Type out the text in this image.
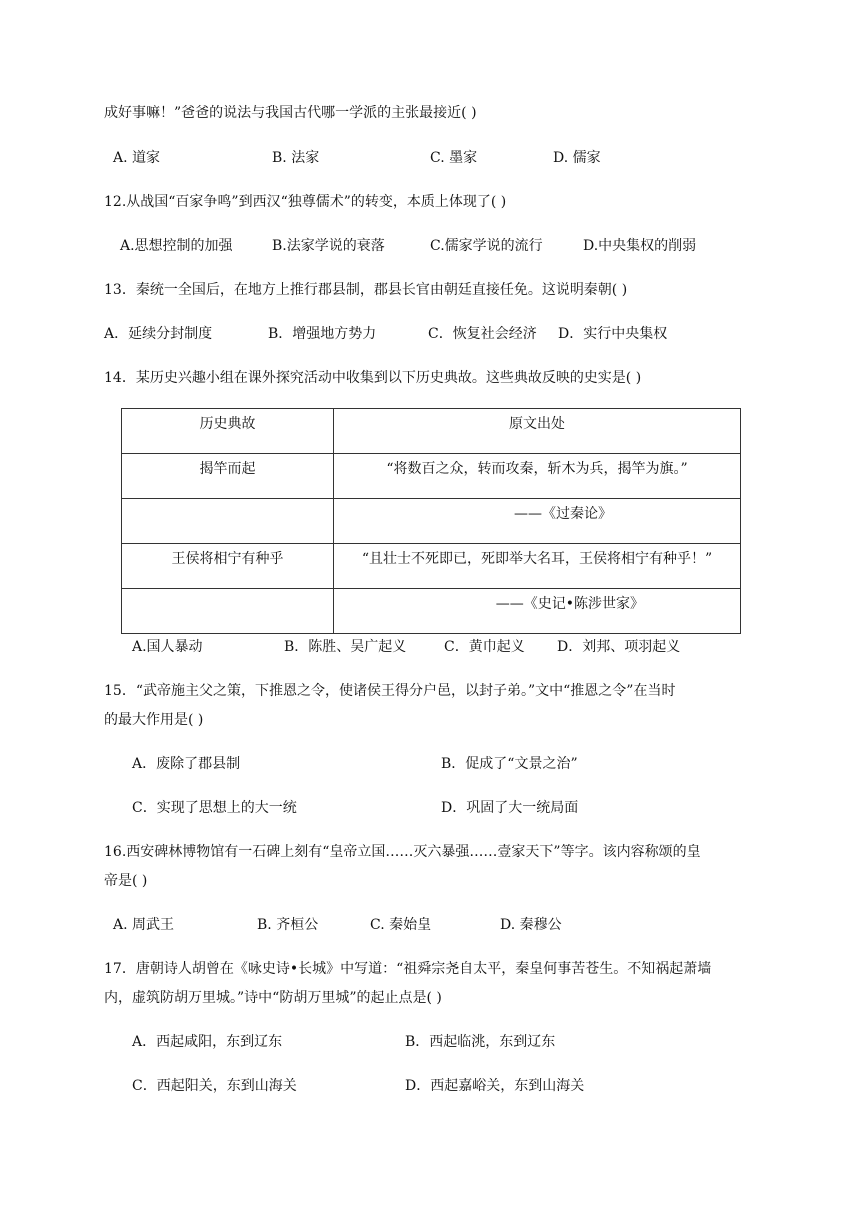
成好事嘛！”爸爸的说法与我国古代哪一学派的主张最接近( )
A. 道家	B. 法家	C. 墨家	D. 儒家
12.从战国“百家争鸣”到西汉“独尊儒术”的转变，本质上体现了( )
A.思想控制的加强	B.法家学说的衰落	C.儒家学说的流行	D.中央集权的削弱
13．秦统一全国后，在地方上推行郡县制，郡县长官由朝廷直接任免。这说明秦朝( )
A．延续分封制度	B．增强地方势力	C．恢复社会经济 D．实行中央集权
14．某历史兴趣小组在课外探究活动中收集到以下历史典故。这些典故反映的史实是( )
历史典故	原文出处

揭竿而起	“将数百之众，转而攻秦，斩木为兵，揭竿为旗。”

	——《过秦论》

王侯将相宁有种乎	“且壮士不死即已，死即举大名耳，王侯将相宁有种乎！”

	——《史记•陈涉世家》
A.国人暴动	B．陈胜、吴广起义	C．黄巾起义 D．刘邦、项羽起义
15．“武帝施主父之策，下推恩之令，使诸侯王得分户邑，以封子弟。”文中“推恩之令”在当时
的最大作用是( )
A．废除了郡县制	B．促成了“文景之治”
C．实现了思想上的大一统	D．巩固了大一统局面
16.西安碑林博物馆有一石碑上刻有“皇帝立国……灭六暴强……壹家天下”等字。该内容称颂的皇
帝是( )
A. 周武王	B. 齐桓公	C. 秦始皇	D. 秦穆公
17．唐朝诗人胡曾在《咏史诗•长城》中写道：“祖舜宗尧自太平，秦皇何事苦苍生。不知祸起萧墙
内，虚筑防胡万里城。”诗中“防胡万里城”的起止点是( )
A．西起咸阳，东到辽东	B．西起临洮，东到辽东
C．西起阳关，东到山海关	D．西起嘉峪关，东到山海关
